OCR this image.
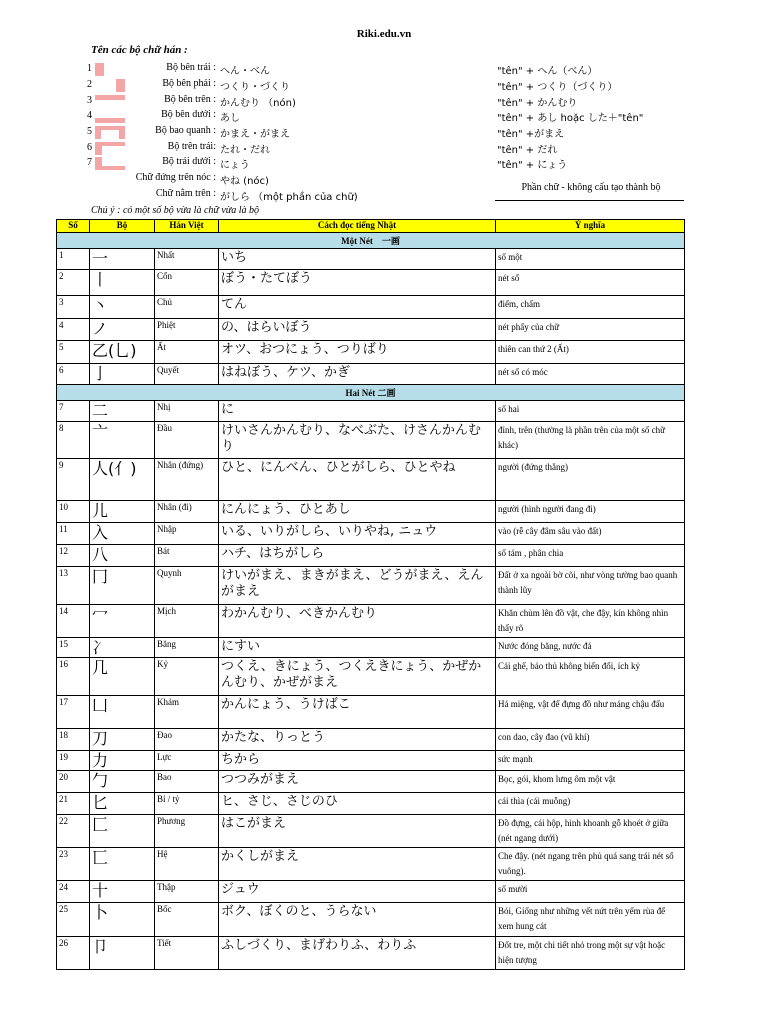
Riki.edu.vn
Tên các bộ chữ hán :
1	Bộ bên trái : へん・べん	"tên" + へん（べん）
2	Bộ bên phải : つくり・づくり	"tên" + つくり（づくり）
3	Bộ bên trên : かんむり （nón)	"tên" + かんむり
4	Bộ bên dưới : あし	"tên" + あし hoặc した＋"tên"
5	Bộ bao quanh : かまえ・がまえ	"tên" +がまえ
6	Bộ trên trái: たれ・だれ	"tên" + だれ
7	Bộ trái dưới : にょう	"tên" + にょう
Chữ đứng trên nóc : やね (nóc)
Chữ nằm trên : がしら （một phần của chữ)
Phần chữ - không cấu tạo thành bộ
Chú ý : có một số bộ vừa là chữ vừa là bộ
Số	Bộ	Hán Việt	Cách đọc tiếng Nhật	Ý nghĩa
Một Nét　一画				
1	一	Nhất	いち	số một
2	丨	Cổn	ぼう・たてぼう	nét sổ
3	丶	Chủ	てん	điểm, chấm
4	ノ	Phiệt	の、はらいぼう	nét phẩy của chữ
5	乙(乚)	Ất	オツ、おつにょう、つりばり	thiên can thứ 2 (Ất)
6	亅	Quyết	はねぼう、ケツ、かぎ	nét sổ có móc
Hai Nét 二画				
7	二	Nhị	に	số hai
8	亠	Đầu	けいさんかんむり、なべぶた、けさんかんむり	đỉnh, trên (thường là phần trên của một số chữ khác)
9	人(亻)	Nhân (đứng)	ひと、にんべん、ひとがしら、ひとやね	người (đứng thẳng)
10	儿	Nhân (đi)	にんにょう、ひとあし	người (hình người đang đi)
11	入	Nhập	いる、いりがしら、いりやね, ニュウ	vào (rễ cây đâm sâu vào đất)
12	八	Bát	ハチ、はちがしら	số tám , phân chia
13	冂	Quynh	けいがまえ、まきがまえ、どうがまえ、えんがまえ	Đất ở xa ngoài bờ cõi, như vòng tường bao quanh thành lũy
14	冖	Mịch	わかんむり、べきかんむり	Khăn chùm lên đồ vật, che đậy, kín không nhìn thấy rõ
15	冫	Băng	にすい	Nước đóng băng, nước đá
16	几	Kỷ	つくえ、きにょう、つくえきにょう、かぜかんむり、かぜがまえ	Cái ghế, bảo thủ không biến đổi, ích kỷ
17	凵	Khảm	かんにょう、うけばこ	Há miệng, vật để đựng đồ như máng chậu đấu
18	刀	Đao	かたな、りっとう	con dao, cây đao (vũ khí)
19	力	Lực	ちから	sức mạnh
20	勹	Bao	つつみがまえ	Bọc, gói, khom lưng ôm một vật
21	匕	Bỉ / tỷ	ヒ、さじ、さじのひ	cái thìa (cái muỗng)
22	匚	Phương	はこがまえ	Đồ đựng, cái hộp, hình khoanh gỗ khoét ở giữa (nét ngang dưới)
23	匸	Hệ	かくしがまえ	Che đậy. (nét ngang trên phủ quá sang trái nét sổ vuông).
24	十	Thập	ジュウ	số mười
25	卜	Bốc	ボク、ぼくのと、うらない	Bói, Giống như những vết nứt trên yếm rùa để xem hung cát
26	卩	Tiết	ふしづくり、まげわりふ、わりふ	Đốt tre, một chi tiết nhỏ trong một sự vật hoặc hiện tượng
